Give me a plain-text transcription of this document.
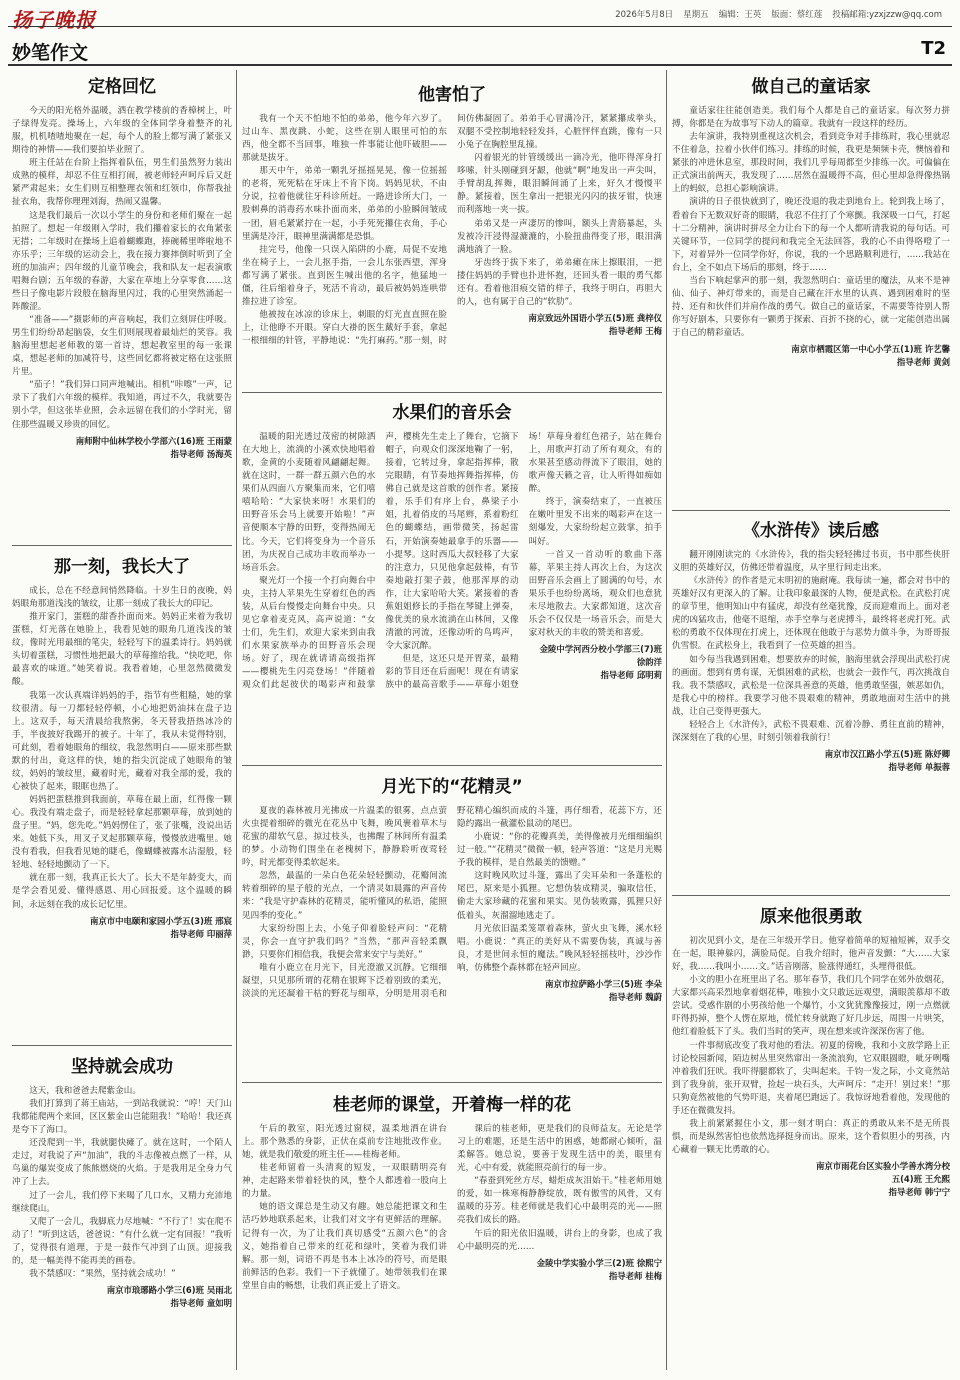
扬子晚报	2026年5月8日 星期五 编辑：王英 版面：蔡红莲 投稿邮箱:yzxjzzw@qq.com
妙笔作文	T2
定格回忆

今天的阳光格外温暖，洒在教学楼前的香樟树上，叶子绿得发亮。操场上，六年级的全体同学身着整齐的礼服，机机喳喳地聚在一起，每个人的脸上都写满了紧张又期待的神情——我们要拍毕业照了。

班主任站在台阶上指挥着队伍，男生们虽然努力装出成熟的模样，却忍不住互相打闹，被老师轻声呵斥后又赶紧严肃起来；女生们则互相整理衣领和红领巾，你帮我扯扯衣角，我帮你理理刘海，热闹又温馨。

这是我们最后一次以小学生的身份和老师们聚在一起拍照了。想起一年级刚入学时，我们攥着家长的衣角紧张无措；二年级时在操场上追着蝴蝶跑，捧碗稀里哗啦地不亦乐乎；三年级的运动会上，我在接力赛摔倒时听到了全班的加油声；四年级的儿童节晚会，我和队友一起表演歌唱舞台剧；五年级的春游，大家在草地上分享零食……这些日子像电影片段般在脑海里闪过，我的心里突然涌起一阵酸涩。

“准备——”摄影师的声音响起，我们立刻屏住呼吸。男生们纷纷昂起脑袋，女生们则展现着最灿烂的笑容。我脑海里想起老师教的第一首诗，想起教室里的每一张课桌，想起老师的加减符号，这些回忆都将被定格在这张照片里。

“茄子！”我们异口同声地喊出。相机“咔嚓”一声，记录下了我们六年级的模样。我知道，再过不久，我就要告别小学，但这张毕业照，会永远留在我们的小学时光，留住那些温暖又珍贵的回忆。

南师附中仙林学校小学部六(16)班 王雨蒙
指导老师 汤海英
那一刻，我长大了

成长，总在不经意间悄然降临。十岁生日的夜晚，妈妈眼角那道浅浅的皱纹，让那一刻成了我长大的印记。

推开家门，蛋糕的甜香扑面而来。妈妈正来着为我切蛋糕，灯光落在她脸上，我看见她的眼角几道浅浅的皱纹，像时光用最细的笔尖，轻轻写下的温柔诗行。妈妈就头切着蛋糕，习惯性地把最大的草莓推给我。“快吃吧，你最喜欢的味道。”她笑着说。我看着她，心里忽然微微发酸。

我第一次认真端详妈妈的手，指节有些粗糙，她的掌纹很清。每一刀都轻轻停顿，小心地把奶油抹在盘子边上。这双手，每天清晨给我熬粥，冬天替我捂热冰冷的手，半夜披好我踢开的被子。十年了，我从未觉得特别，可此刻，看着她眼角的细纹，我忽然明白——原来那些默默的付出，竟这样的快，她的指尖沉淀成了她眼角的皱纹，妈妈的皱纹里，藏着时光，藏着对我全部的爱，我的心被快了起来，眼眶也热了。

妈妈把蛋糕推到我面前，草莓在最上面，红得像一颗心。我没有端走盘子，而是轻轻拿起那颗草莓，放到她的盘子里。“妈，您先吃。”妈妈愣住了，张了张嘴，没说出话来。她低下头，用叉子叉起那颗草莓，慢慢放进嘴里。她没有看我，但我看见她的睫毛，像蝴蝶被露水沾湿般，轻轻地、轻轻地颤动了一下。

就在那一刻，我真正长大了。长大不是年龄变大，而是学会看见爱、懂得感恩、用心回报爱。这个温暖的瞬间，永远刻在我的成长记忆里。

南京市中电颐和家园小学五(3)班 邢宸
指导老师 印丽萍
坚持就会成功

这天，我和爸爸去爬紫金山。

我们打算到了蒋王庙站，一到站我就说：“哼！天门山我都能爬两个来回，区区紫金山岂能阻我！”哈哈！我还真是夸下了海口。

还没爬到一半，我就腿快瘫了。就在这时，一个陌人走过，对我说了声“加油”，我的斗志像被点燃了一样，从鸟巢的爆炭变成了熊熊燃烧的火焰。于是我用足全身力气冲了上去。

过了一会儿，我们停下来喝了几口水，又精力充沛地继续爬山。

又爬了一会儿，我脚底力尽地喊：“不行了！实在爬不动了！”听到这话，爸爸说：“有什么就一定有回报！”我听了，觉得很有道理，于是一鼓作气冲到了山顶。迎接我的，是一幅美得不能再美的画卷。

我不禁感叹：“果然，坚持就会成功！”

南京市琅琊路小学三(6)班 吴雨北
指导老师 童如明
他害怕了

我有一个天不怕地不怕的弟弟，他今年六岁了。过山车、黑夜跳、小蛇，这些在别人眼里可怕的东西，他全都不当回事，唯独一件事能让他吓破胆——那就是拔牙。

那天中午，弟弟一颗乳牙摇摇晃晃，像一位摇摇的老将，死死粘在牙床上不肯下岗。妈妈见状，不由分说，拉着他就往牙科诊所赶。一路进诊所大门，一股刺鼻的消毒药水味扑面而来，弟弟的小脸瞬间皱成一团，眉毛紧紧拧在一起，小手死死攥住衣角，手心里满是冷汗，眼神里满满都是恐惧。

挂完号，他像一只误入陷阱的小鹿，局促不安地坐在椅子上，一会儿抠手指，一会儿东张西望，浑身都写满了紧张。直到医生喊出他的名字，他猛地一僵，往后缩着身子，死活不肯动，最后被妈妈连哄带推拉进了诊室。

他被按在冰凉的诊床上，刺眼的灯光直直照在脸上，让他睁不开眼。穿白大褂的医生戴好手套，拿起一根细细的针管，平静地说：“先打麻药。”那一刻，时间仿佛凝固了。弟弟手心冒满冷汗，紧紧攥成拳头，双腿不受控制地轻轻发抖，心脏怦怦直跳，像有一只小兔子在胸腔里乱撞。

闪着银光的针管缓缓出一滴冷光，他吓得浑身打哆嗦，针头刚碰到牙龈，他就“啊”地发出一声尖叫，手臂胡乱挥舞，眼泪瞬间涌了上来，好久才慢慢平静。紧接着，医生拿出一把银光闪闪的拔牙钳，快速而利落地一夹一拔。

弟弟又是一声凄厉的惨叫，额头上青筋暴起，头发被冷汗浸得湿漉漉的，小脸扭曲得变了形，眼泪满满地淌了一脸。

牙齿终于拔下来了，弟弟瘫在床上擦眼泪，一把搂住妈妈的手臂也扑进怀抱，还回头看一眼的勇气都还有。看着他泪痕交错的样子，我终于明白，再胆大的人，也有属于自己的“软肋”。

南京致远外国语小学五(5)班 龚梓仪
指导老师 王梅
水果们的音乐会

温暖的阳光透过茂密的树隙洒在大地上，流淌的小溪欢快地唱着歌，金黄的小麦随着风翩翩起舞。就在这时，一群一群五颜六色的水果们从四面八方聚集而来，它们嘻嘻哈哈：“大家快来呀！水果们的田野音乐会马上就要开始啦！”声音便顺本宁静的田野，变得热闹无比。今天，它们将变身为一个音乐团，为庆祝自己成功丰收而举办一场音乐会。

聚光灯一个接一个打向舞台中央，主持人苹果先生穿着红色的西装，从后台慢慢走向舞台中央。只见它拿着麦克风，高声说道：“女士们，先生们，欢迎大家来到由我们水果家族举办的田野音乐会现场。好了，现在就请请高级指挥——樱桃先生闪亮登场！”伴随着观众们此起彼伏的喝彩声和鼓掌声，樱桃先生走上了舞台，它摘下帽子，向观众们深深地鞠了一躬，接着，它转过身，拿起指挥棒，散完眼睛，有节奏地挥舞指挥棒，仿佛自己就是这首歌的创作者。紧接着，乐手们有序上台，鼻梁子小姐，扎着俏皮的马尾辫，系着粉红色的蝴蝶结，画带微笑，扬起雷石，开始演奏她最拿手的乐器——小提琴。这时西瓜大叔轻移了大家的注意力，只见他拿起鼓棒，有节奏地敲打架子鼓，他那浑厚的动作，让大家哈哈大笑。紧接着的香蕉姐姐修长的手指在琴键上弹奏，像优美的泉水流淌在山林间，又像清澈的河流，还像动听的鸟鸣声，令大家沉醉。

但是，这还只是开胃菜，最精彩的节目还在后面呢！现在有请家族中的最高音歌手——草莓小姐登场！草莓身着红色裙子，站在舞台上，用歌声打动了所有观众，有的水果甚至感动得流下了眼泪，她的歌声像天籁之音，让人听得如痴如醉。

终于，演奏结束了，一直被压在嫩叶里发不出来的喝彩声在这一刻爆发，大家纷纷起立鼓掌，拍手叫好。

一首又一首动听的歌曲下落幕，苹果主持人再次上台，为这次田野音乐会画上了圆满的句号，水果乐手也纷纷离场，观众们也意犹未尽地散去。大家都知道，这次音乐会不仅仅是一场音乐会，而是大家对秋天的丰收的赞美和喜爱。

金陵中学河西分校小学部三(7)班 徐韵洋
指导老师 邱明莉
月光下的“花精灵”

夏夜的森林被月光拂成一片温柔的银雾，点点萤火虫提着细碎的微光在花丛中飞舞，晚风裹着草木与花蜜的甜软气息，掠过枝头，也拂醒了林间所有温柔的梦。小动物们围坐在老槐树下，静静聆听夜莺轻吟，时光都变得柔软起来。

忽然，最温的一朵白色花朵轻轻颤动，花瓣间流转着细碎的星子般的光点，一个清灵如晨露的声音传来：“我是守护森林的花精灵，能听懂风的私语，能照见四季的变化。”

大家纷纷围上去，小兔子仰着脸轻声问：“花精灵，你会一直守护我们吗？”当然，“那声音轻柔飘渺，只要你们相信我，我便会常来安宁与美好。”

唯有小鹿立在月光下，目光澄澈又沉静。它细细凝望，只见那所谓的花精在银辉下泛着别致的柔光，淡淡的光还凝着干枯的野花与细草，分明是用羽毛和野花精心编织而成的斗篷，再仔细看，花蕊下方，还隐约露出一截灌松鼠动的尾巴。

小鹿说：“你的花瓣真美，美得像被月光细细编织过一般。”“花精灵”微微一顿，轻声答道：“这是月光赐予我的模样，是自然最美的馈赠。”

这时晚风吹过斗篷，露出了尖耳朵和一条蓬松的尾巴，原来是小狐狸。它想伪装成精灵，骗取信任，偷走大家珍藏的花蜜和果实。见伪装败露，狐狸只好低着头，灰溜溜地逃走了。

月光依旧温柔笼罩着森林，萤火虫飞舞，溪水轻唱。小鹿说：“真正的美好从不需要伪装，真诚与善良，才是世间永恒的魔法。”晚风轻轻摇枝叶，沙沙作响，仿佛整个森林都在轻声回应。

南京市拉萨路小学三(5)班 李朵
指导老师 魏蔚
桂老师的课堂，开着梅一样的花

午后的教室，阳光透过窗棂，温柔地洒在讲台上。那个熟悉的身影，正伏在桌前专注地批改作业。她，就是我们敬爱的班主任——桂梅老师。

桂老师留着一头清爽的短发，一双眼睛明亮有神，走起路来带着轻快的风，整个人都透着一股向上的力量。

她的语文课总是生动又有趣。她总能把课文和生活巧妙地联系起来，让我们对文字有更鲜活的理解。记得有一次，为了让我们真切感受“五颜六色”的含义，她指着自己带来的红花和绿叶，笑着为我们讲解。那一刻，词语不再是书本上冰冷的符号，而是眼前鲜活的色彩。我们一下子就懂了。她带领我们在课堂里自由的畅想，让我们真正爱上了语文。

课后的桂老师，更是我们的良师益友。无论是学习上的难题，还是生活中的困惑，她都耐心倾听，温柔解答。她总说，要善于发现生活中的美，眼里有光，心中有爱，就能照亮前行的每一步。

“春蚕到死丝方尽，蜡炬成灰泪始干。”桂老师用她的爱，如一株寒梅静静绽放，既有傲雪的风骨，又有温暖的芬芳。桂老师就是我们心中最明亮的光——照亮我们成长的路。

午后的阳光依旧温暖，讲台上的身影，也成了我心中最明亮的光……

金陵中学实验小学三(2)班 徐熙宁
指导老师 桂梅
做自己的童话家

童话家往往能创造美。我们每个人都是自己的童话家。每次努力拼搏，你都是在为故事写下动人的篇章。我就有一段这样的经历。

去年演讲，我特别重视这次机会，看到竞争对手排练时，我心里就忍不住着急，拉着小伙伴们练习。排练的时候，我更是频频卡壳，懊恼着和紧张的冲进休息室，那段时间，我们几乎每周都至少排练一次。可偏偏在正式演出前两天，我发现了……居然在温暖得不高，但心里却急得像热锅上的蚂蚁，总担心影响演讲。

演讲的日子很快就到了，晚还没退的我走到地台上。轮到我上场了，看着台下无数双好奇的眼睛，我忍不住打了个寒颤。我深吸一口气，打起十二分精神，演讲时拼尽全力让台下的每一个人都听清我说的每句话。可关键环节，一位同学的提问和我完全无法回答，我的心不由得咯噔了一下，对着异外一位同学你好，你说，我的一个思路顺利进行，……我站在台上，全不如点下场后的那刻，终于……

当台下响起掌声的那一刻，我忽然明白：童话里的魔法，从来不是神仙、仙子、神灯带来的，而是自己藏在汗水里的认真、遇到困难时的坚持、还有和伙伴们并肩作战的勇气。做自己的童话家，不需要等待别人帮你写好剧本，只要你有一颗勇于探索、百折不挠的心，就一定能创造出属于自己的精彩童话。

南京市栖霞区第一中心小学五(1)班 许艺馨
指导老师 黄剑
《水浒传》读后感

翻开刚刚读完的《水浒传》，我的指尖轻轻拂过书页，书中那些侠肝义胆的英雄好汉，仿佛还带着温度，从字里行间走出来。

《水浒传》的作者是元末明初的施耐庵。我每读一遍，都会对书中的英雄好汉有更深入的了解。让我印象最深的人物，便是武松。在武松打虎的章节里，他明知山中有猛虎，却没有丝毫犹豫，反而迎难而上。面对老虎的凶猛攻击，他毫不退缩，赤手空拳与老虎搏斗，最终将老虎打死。武松的勇敢不仅体现在打虎上，还体现在他敢于与恶势力做斗争，为哥哥报仇雪恨。在武松身上，我看到了一位英雄的担当。

如今每当我遇到困难，想要放弃的时候，脑海里就会浮现出武松打虎的画面。想到有勇有谋，无惧困难的武松，也就会一鼓作气，再次挑战自我。我不禁感叹，武松是一位深具善意的英雄，他勇敢坚强，嫉恶如仇，是我心中的榜样。我要学习他不畏艰难的精神，勇敢地面对生活中的挑战，让自己变得更强大。

轻轻合上《水浒传》，武松不畏艰难、沉着冷静、勇往直前的精神，深深刻在了我的心里，时刻引领着我前行！

南京市汉江路小学五(5)班 陈妤卿
指导老师 单振蓉
原来他很勇敢

初次见到小文，是在三年级开学日。他穿着简单的短袖短裤，双手交在一起，眼神躲闪，满脸局促。自我介绍时，他声音发颤：“大……大家好，我……我叫小……文。”话音刚落，脸涨得通红，头埋得很低。

小文的胆小在班里出了名。那年春节，我们几个同学在郊外放烟花，大家都兴高采烈地拿着烟花棒，唯独小文只敢远远观望，满眼羡慕却不敢尝试。受惑作剧的小男孩给他一个爆竹，小文犹犹豫豫接过，刚一点燃就吓得扔掉，整个人愣在原地，慌忙转身就跑了好几步远，周围一片哄笑，他红着脸低下了头。我们当时的笑声，现在想来或许深深伤害了他。

一件事彻底改变了我对他的看法。初夏的傍晚，我和小文放学路上正讨论校园新闻，陌边树丛里突然窜出一条流浪狗，它双眼圆瞪，呲牙咧嘴冲着我们狂吠。我吓得腿都软了，尖叫起来。千钧一发之际，小文竟然站到了我身前，张开双臂，捡起一块石头，大声呵斥：“走开！别过来！”那只狗竟然被他的气势吓退，夹着尾巴跑远了。我惊讶地看着他，发现他的手还在微微发抖。

我上前紧紧握住小文，那一刻才明白：真正的勇敢从来不是无所畏惧，而是纵然害怕也依然选择挺身而出。原来，这个看似胆小的男孩，内心藏着一颗无比勇敢的心。

南京市雨花台区实验小学善水湾分校
五(4)班 王允熙
指导老师 韩宁宁
